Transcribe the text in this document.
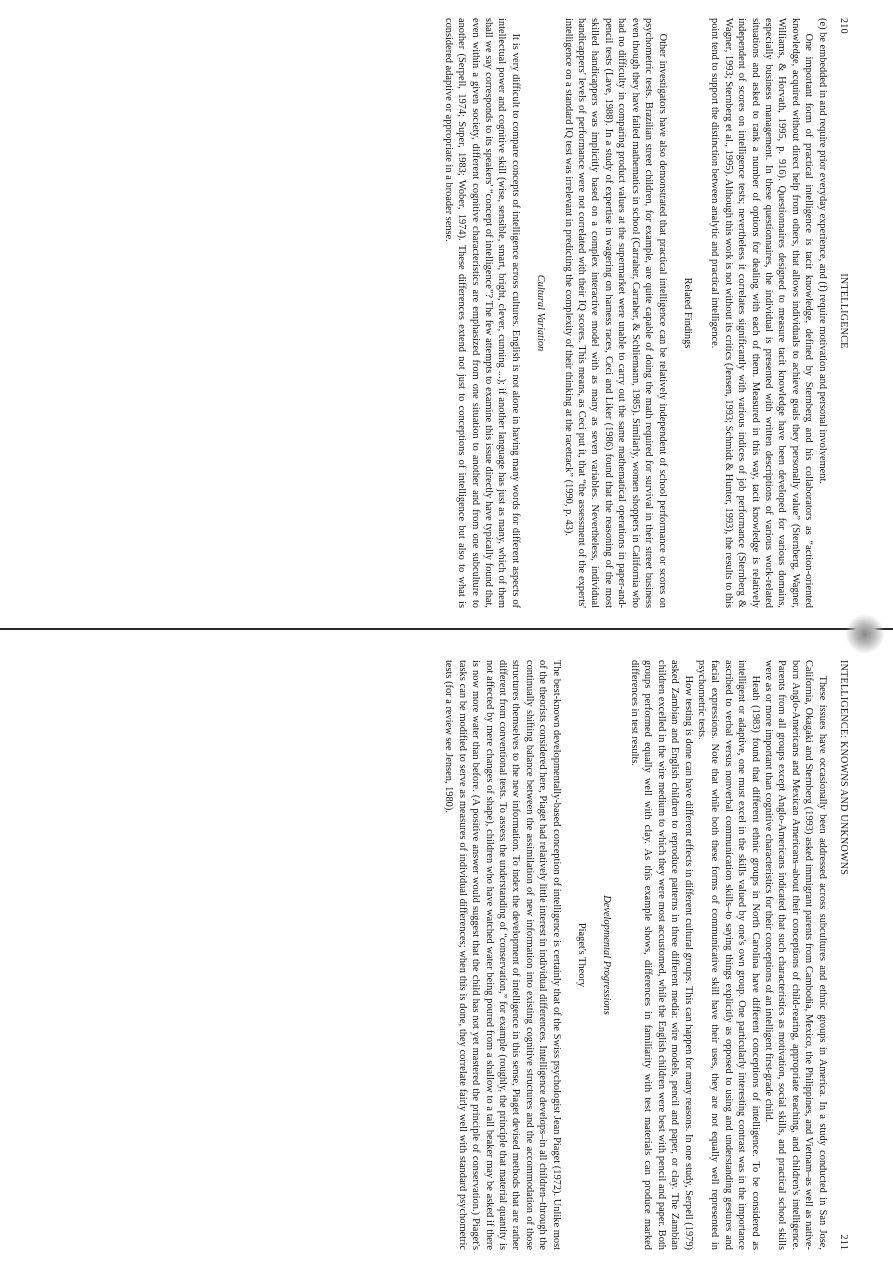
210
INTELLIGENCE

(e) be embedded in and require prior everyday experience, and (f) require motivation and personal involvement.

One important form of practical intelligence is tacit knowledge, defined by Sternberg and his collaborators as “action-oriented knowledge, acquired without direct help from others, that allows individuals to achieve goals they personally value” (Sternberg, Wagner, Williams, & Horvath, 1995, p. 916). Questionnaires designed to measure tacit knowledge have been developed for various domains, especially business management. In these questionnaires, the individual is presented with written descriptions of various work-related situations and asked to rank a number of options for dealing with each of them. Measured in this way, tacit knowledge is relatively independent of scores on intelligence tests; nevertheless it correlates significantly with various indices of job performance (Sternberg & Wagner, 1993; Sternberg et al., 1995). Although this work is not without its critics (Jensen, 1993; Schmidt & Hunter, 1993), the results to this point tend to support the distinction between analytic and practical intelligence.

Related Findings

Other investigators have also demonstrated that practical intelligence can be relatively independent of school performance or scores on psychometric tests. Brazilian street children, for example, are quite capable of doing the math required for survival in their street business even though they have failed mathematics in school (Carraher, Carraher, & Schliemann, 1985). Similarly, women shoppers in California who had no difficulty in comparing product values at the supermarket were unable to carry out the same mathematical operations in paper-and-pencil tests (Lave, 1988). In a study of expertise in wagering on harness races, Ceci and Liker (1986) found that the reasoning of the most skilled handicappers was implicitly based on a complex interactive model with as many as seven variables. Nevertheless, individual handicappers' levels of performance were not correlated with their IQ scores. This means, as Ceci put it, that “the assessment of the experts' intelligence on a standard IQ test was irrelevant in predicting the complexity of their thinking at the racetrack” (1990, p. 43).

Cultural Variation

It is very difficult to compare concepts of intelligence across cultures. English is not alone in having many words for different aspects of intellectual power and cognitive skill (wise, sensible, smart, bright, clever, cunning ...); if another language has just as many, which of them shall we say corresponds to its speakers' “concept of intelligence”? The few attempts to examine this issue directly have typically found that, even within a given society, different cognitive characteristics are emphasized from one situation to another and from one subculture to another (Serpell, 1974; Super, 1983; Wober, 1974). These differences extend not just to conceptions of intelligence but also to what is considered adaptive or appropriate in a broader sense.

INTELLIGENCE: KNOWNS AND UNKNOWNS
211

These issues have occasionally been addressed across subcultures and ethnic groups in America. In a study conducted in San Jose, California, Okagaki and Sternberg (1993) asked immigrant parents from Cambodia, Mexico, the Philippines, and Vietnam–as well as native-born Anglo-Americans and Mexican Americans–about their conceptions of child-rearing, appropriate teaching, and children's intelligence. Parents from all groups except Anglo-Americans indicated that such characteristics as motivation, social skills, and practical school skills were as or more important than cognitive characteristics for their conceptions of an intelligent first-grade child.

Heath (1983) found that different ethnic groups in North Carolina have different conceptions of intelligence. To be considered as intelligent or adaptive, one must excel in the skills valued by one's own group. One particularly interesting contrast was in the importance ascribed to verbal versus nonverbal communication skills–to saying things explicitly as opposed to using and understanding gestures and facial expressions. Note that while both these forms of communicative skill have their uses, they are not equally well represented in psychometric tests.

How testing is done can have different effects in different cultural groups. This can happen for many reasons. In one study, Serpell (1979) asked Zambian and English children to reproduce patterns in three different media: wire models, pencil and paper, or clay. The Zambian children excelled in the wire medium to which they were most accustomed, while the English children were best with pencil and paper. Both groups performed equally well with clay. As this example shows, differences in familiarity with test materials can produce marked differences in test results.

Developmental Progressions
Piaget's Theory

The best-known developmentally-based conception of intelligence is certainly that of the Swiss psychologist Jean Piaget (1972). Unlike most of the theorists considered here, Piaget had relatively little interest in individual differences. Intelligence develops–in all children–through the continually shifting balance between the assimilation of new information into existing cognitive structures and the accommodation of those structures themselves to the new information. To index the development of intelligence in this sense, Piaget devised methods that are rather different from conventional tests. To assess the understanding of “conservation,” for example (roughly, the principle that material quantity is not affected by mere changes of shape), children who have watched water being poured from a shallow to a tall beaker may be asked if there is now more water than before. (A positive answer would suggest that the child has not yet mastered the principle of conservation.) Piaget's tasks can be modified to serve as measures of individual differences; when this is done, they correlate fairly well with standard psychometric tests (for a review see Jensen, 1980).
